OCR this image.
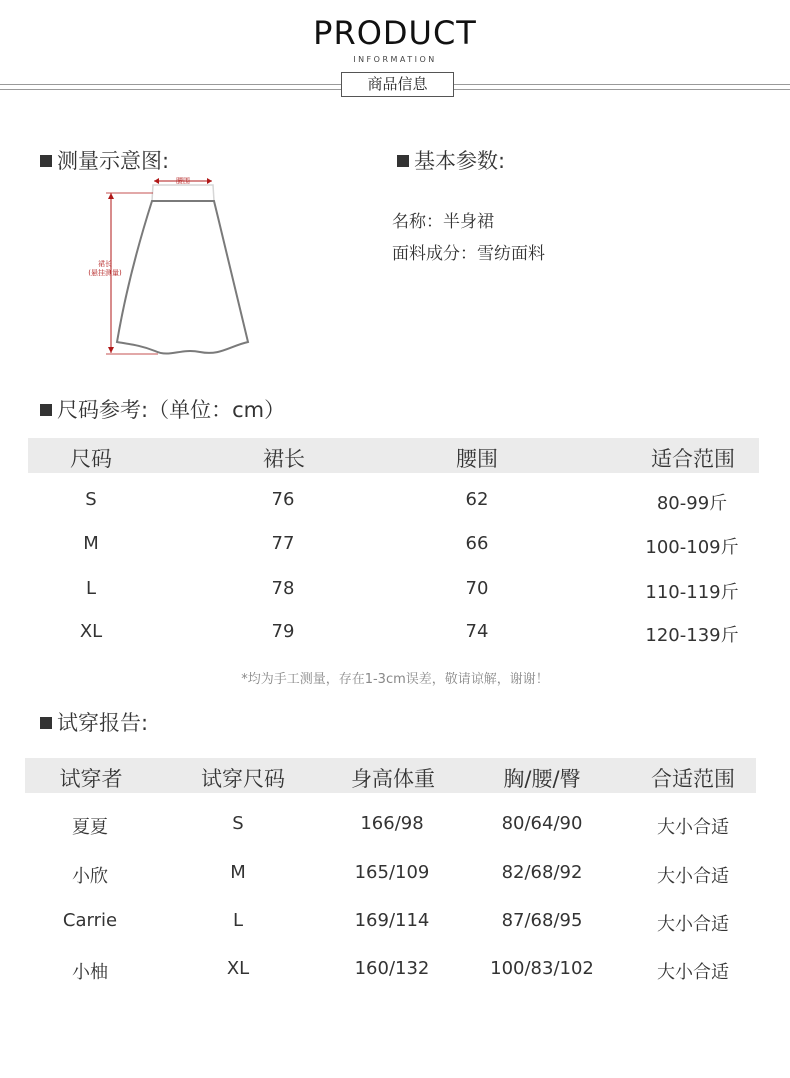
PRODUCT
INFORMATION
商品信息
测量示意图:
腰围
裙长
(悬挂测量)
基本参数:
名称：半身裙
面料成分：雪纺面料
尺码参考:（单位：cm）
尺码	裙长	腰围	适合范围
S	76	62	80-99斤
M	77	66	100-109斤
L	78	70	110-119斤
XL	79	74	120-139斤
*均为手工测量，存在1-3cm误差，敬请谅解，谢谢！
试穿报告:
试穿者	试穿尺码	身高体重	胸/腰/臀	合适范围
夏夏	S	166/98	80/64/90	大小合适
小欣	M	165/109	82/68/92	大小合适
Carrie	L	169/114	87/68/95	大小合适
小柚	XL	160/132	100/83/102	大小合适
